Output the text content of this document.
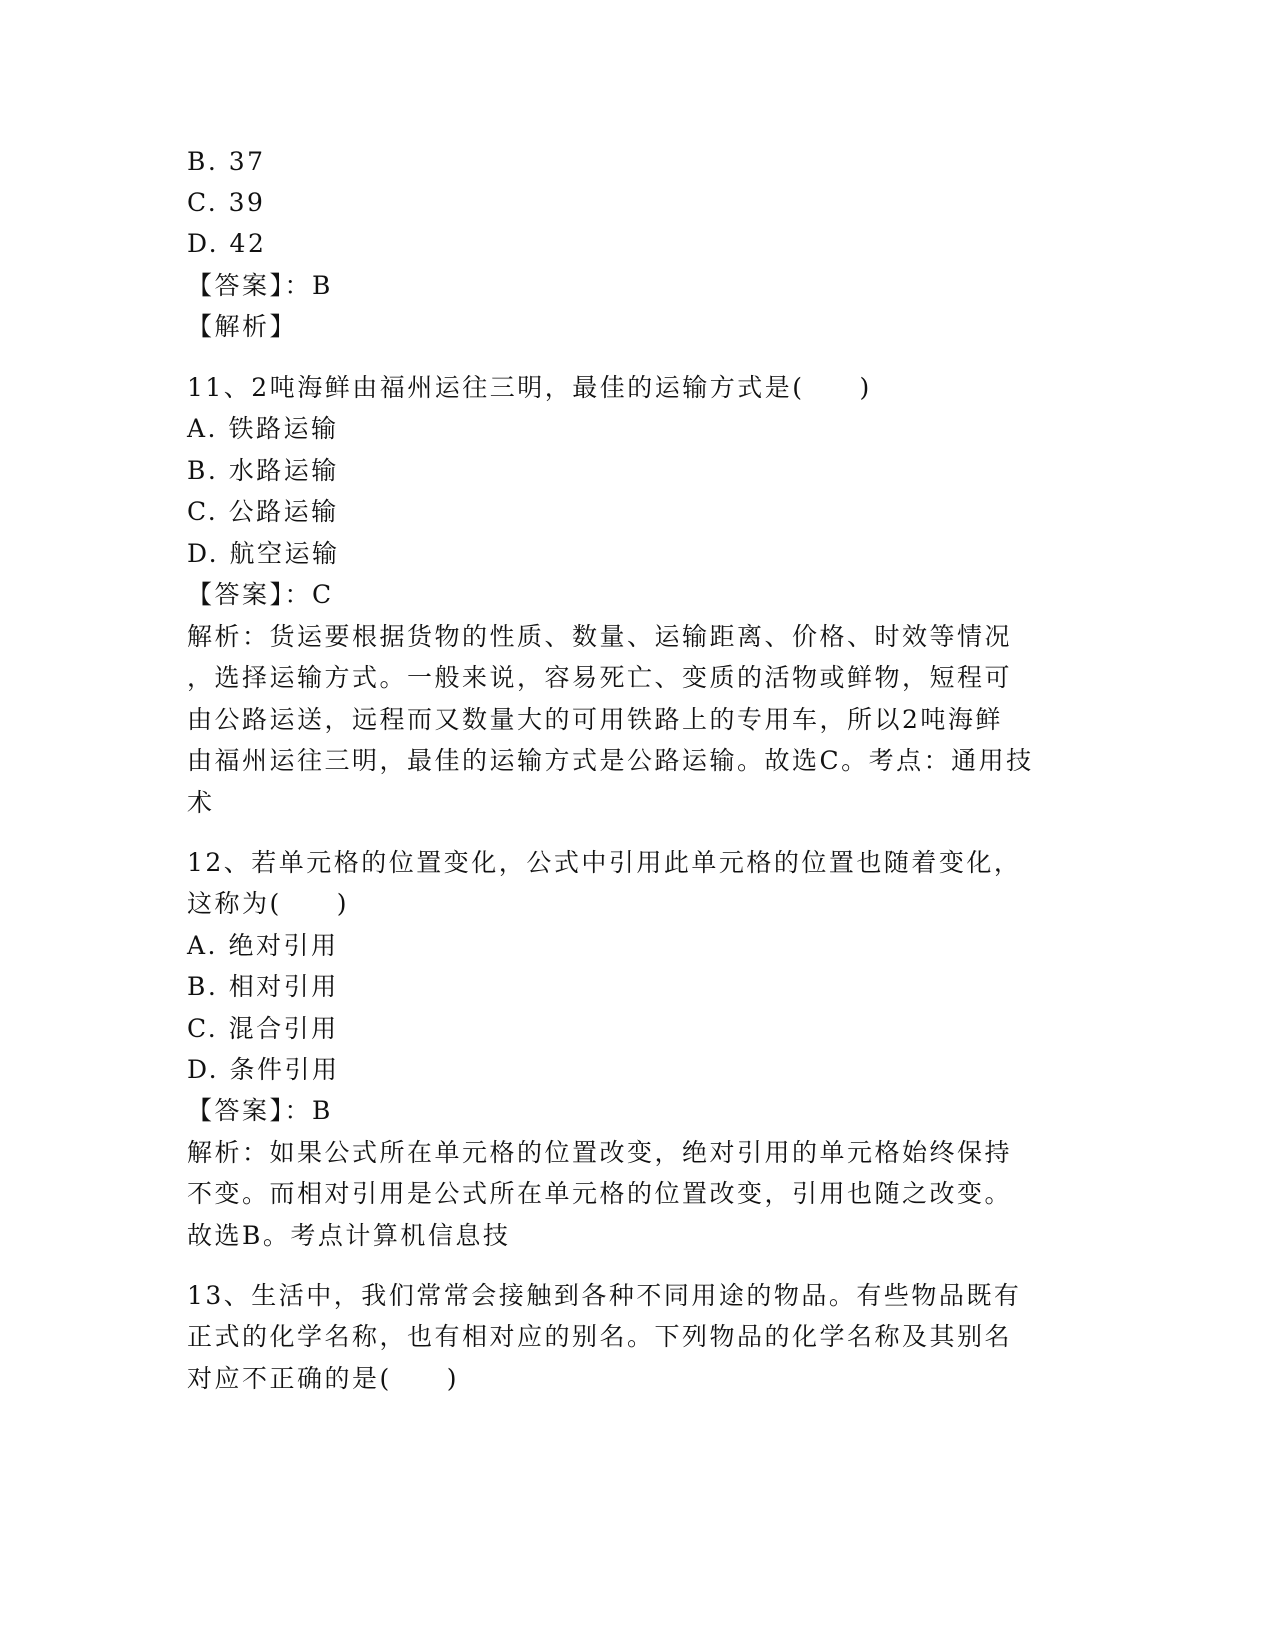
B. 37
C. 39
D. 42
【答案】：B
【解析】
11、2吨海鲜由福州运往三明，最佳的运输方式是(　　)
A. 铁路运输
B. 水路运输
C. 公路运输
D. 航空运输
【答案】：C
解析：货运要根据货物的性质、数量、运输距离、价格、时效等情况
，选择运输方式。一般来说，容易死亡、变质的活物或鲜物，短程可
由公路运送，远程而又数量大的可用铁路上的专用车，所以2吨海鲜
由福州运往三明，最佳的运输方式是公路运输。故选C。考点：通用技
术
12、若单元格的位置变化，公式中引用此单元格的位置也随着变化，
这称为(　　)
A. 绝对引用
B. 相对引用
C. 混合引用
D. 条件引用
【答案】：B
解析：如果公式所在单元格的位置改变，绝对引用的单元格始终保持
不变。而相对引用是公式所在单元格的位置改变，引用也随之改变。
故选B。考点计算机信息技
13、生活中，我们常常会接触到各种不同用途的物品。有些物品既有
正式的化学名称，也有相对应的别名。下列物品的化学名称及其别名
对应不正确的是(　　)
